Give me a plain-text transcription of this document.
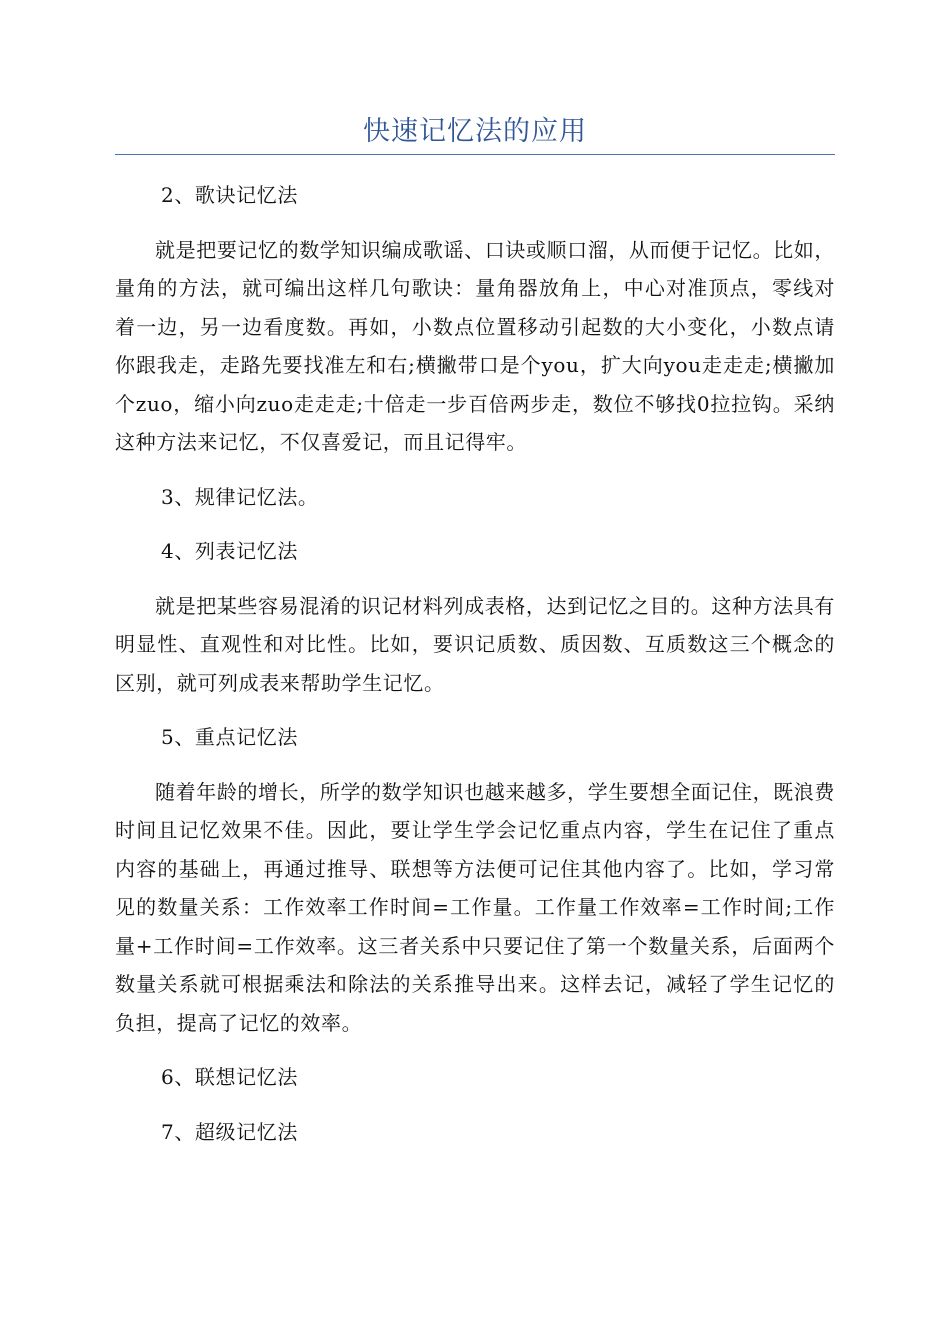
快速记忆法的应用
2、歌诀记忆法
就是把要记忆的数学知识编成歌谣、口诀或顺口溜，从而便于记忆。比如，量角的方法，就可编出这样几句歌诀：量角器放角上，中心对准顶点，零线对着一边，另一边看度数。再如，小数点位置移动引起数的大小变化，小数点请你跟我走，走路先要找准左和右;横撇带口是个you，扩大向you走走走;横撇加个zuo，缩小向zuo走走走;十倍走一步百倍两步走，数位不够找0拉拉钩。采纳这种方法来记忆，不仅喜爱记，而且记得牢。
3、规律记忆法。
4、列表记忆法
就是把某些容易混淆的识记材料列成表格，达到记忆之目的。这种方法具有明显性、直观性和对比性。比如，要识记质数、质因数、互质数这三个概念的区别，就可列成表来帮助学生记忆。
5、重点记忆法
随着年龄的增长，所学的数学知识也越来越多，学生要想全面记住，既浪费时间且记忆效果不佳。因此，要让学生学会记忆重点内容，学生在记住了重点内容的基础上，再通过推导、联想等方法便可记住其他内容了。比如，学习常见的数量关系：工作效率工作时间=工作量。工作量工作效率=工作时间;工作量+工作时间=工作效率。这三者关系中只要记住了第一个数量关系，后面两个数量关系就可根据乘法和除法的关系推导出来。这样去记，减轻了学生记忆的负担，提高了记忆的效率。
6、联想记忆法
7、超级记忆法
